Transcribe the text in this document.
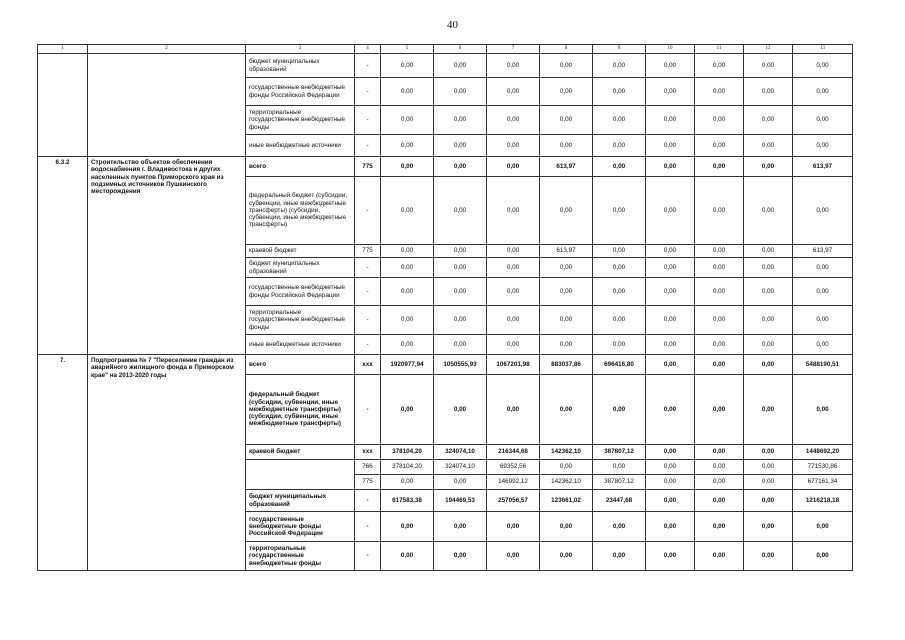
40
1	2	3	4	5	6	7	8	9	10	11	12	13
		бюджет муниципальных образований	-	0,00	0,00	0,00	0,00	0,00	0,00	0,00	0,00	0,00
		государственные внебюджетные фонды Российской Федерации	-	0,00	0,00	0,00	0,00	0,00	0,00	0,00	0,00	0,00
		территориальные государственные внебюджетные фонды	-	0,00	0,00	0,00	0,00	0,00	0,00	0,00	0,00	0,00
		иные внебюджетные источники	-	0,00	0,00	0,00	0,00	0,00	0,00	0,00	0,00	0,00
6.3.2	Строительство объектов обеспечения водоснабжения г. Владивостока и других населенных пунктов Приморского края из подземных источников Пушкинского месторождения	всего	775	0,00	0,00	0,00	613,97	0,00	0,00	0,00	0,00	613,97
		федеральный бюджет (субсидии, субвенции, иные межбюджетные трансферты) (субсидии, субвенции, иные межбюджетные трансферты)	-	0,00	0,00	0,00	0,00	0,00	0,00	0,00	0,00	0,00
		краевой бюджет	775	0,00	0,00	0,00	613,97	0,00	0,00	0,00	0,00	613,97
		бюджет муниципальных образований	-	0,00	0,00	0,00	0,00	0,00	0,00	0,00	0,00	0,00
		государственные внебюджетные фонды Российской Федерации	-	0,00	0,00	0,00	0,00	0,00	0,00	0,00	0,00	0,00
		территориальные государственные внебюджетные фонды	-	0,00	0,00	0,00	0,00	0,00	0,00	0,00	0,00	0,00
		иные внебюджетные источники	-	0,00	0,00	0,00	0,00	0,00	0,00	0,00	0,00	0,00
7.	Подпрограмма № 7 "Переселение граждан из аварийного жилищного фонда в Приморском крае" на 2013-2020 годы	всего	ххх	1920977,94	1050555,93	1067201,98	883037,86	696416,80	0,00	0,00	0,00	5488190,51
		федеральный бюджет (субсидии, субвенции, иные межбюджетные трансферты) (субсидии, субвенции, иные межбюджетные трансферты)	-	0,00	0,00	0,00	0,00	0,00	0,00	0,00	0,00	0,00
		краевой бюджет	ххх	378104,20	324074,10	216344,68	142362,10	387807,12	0,00	0,00	0,00	1448692,20
			766	378104,20	324074,10	69352,56	0,00	0,00	0,00	0,00	0,00	771530,86
			775	0,00	0,00	146992,12	142362,10	387807,12	0,00	0,00	0,00	677161,34
		бюджет муниципальных образований	-	617583,38	194469,53	257056,57	123661,02	23447,68	0,00	0,00	0,00	1216218,18
		государственные внебюджетные фонды Российской Федерации	-	0,00	0,00	0,00	0,00	0,00	0,00	0,00	0,00	0,00
		территориальные государственные внебюджетные фонды	-	0,00	0,00	0,00	0,00	0,00	0,00	0,00	0,00	0,00
